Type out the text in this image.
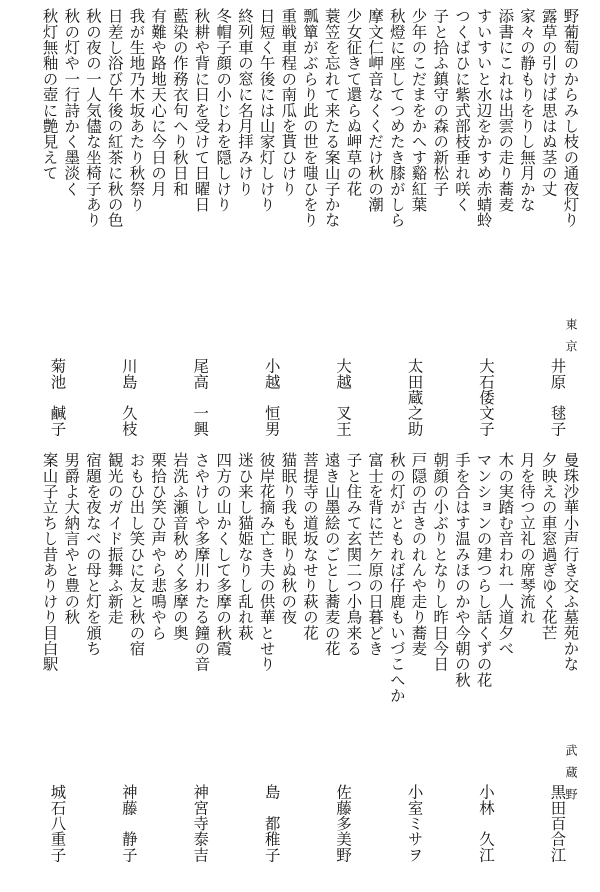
野葡萄のからみし枝の通夜灯り
露草の引けば思はぬ茎の丈
家々の静もりをりし無月かな
添書にこれは出雲の走り蕎麦
すいすいと水辺をかすめ赤蜻蛉
つくばひに紫式部枝垂れ咲く
子と拾ふ鎮守の森の新松子
少年のこだまをかへす谿紅葉
秋燈に座してつめたき膝がしら
摩文仁岬音なくくだけ秋の潮
少女征きて還らぬ岬草の花
蓑笠を忘れて来たる案山子かな
瓢簞がぶらり此の世を嗤ひをり
重戦車程の南瓜を貰ひけり
日短く午後には山家灯しけり
終列車の窓に名月拝みけり
冬帽子顔の小じわを隠しけり
秋耕や背に日を受けて日曜日
藍染の作務衣句へり秋日和
有難や路地天心に今日の月
我が生地乃木坂あたり秋祭り
日差し浴び午後の紅茶に秋の色
秋の夜の一人気儘な坐椅子あり
秋の灯や一行詩かく墨淡く
秋灯無釉の壺に艶見えて
東京
井原　毬子
大石倭文子
太田蔵之助
大越　叉王
小越　恒男
尾高　一興
川島　久枝
菊池　鹹子
曼珠沙華小声行き交ふ墓苑かな
夕映えの車窓過ぎゆく花芒
月を待つ立礼の席琴流れ
木の実踏む音われ一人道夕べ
マンションの建つらし話くずの花
手を合はす温みほのかや今朝の秋
朝顔の小ぶりとなりし昨日今日
戸隠の古きのれんや走り蕎麦
秋の灯がともれば仔鹿もいづこへか
富士を背に芒ケ原の日暮どき
子と住みて玄関二つ小鳥来る
遠き山墨絵のごとし蕎麦の花
菩提寺の道坂なせり萩の花
猫眠り我も眠りぬ秋の夜
彼岸花摘み亡き夫の供華とせり
迷ひ来し猫姫なりし乱れ萩
四方の山かくして多摩の秋霞
さやけしや多摩川わたる鐘の音
岩洗ふ瀬音秋めく多摩の奥
栗拾ひ笑ひ声やら悲鳴やら
おもひ出し笑ひに友と秋の宿
観光のガイド振舞ふ新走
宿題を夜なべの母と灯を頒ち
男爵よ大納言やと豊の秋
案山子立ちし昔ありけり目白駅
武蔵野
黒田百合江
小林　久江
小室ミサヲ
佐藤多美野
島　都稚子
神宮寺泰吉
神藤　静子
城石八重子
